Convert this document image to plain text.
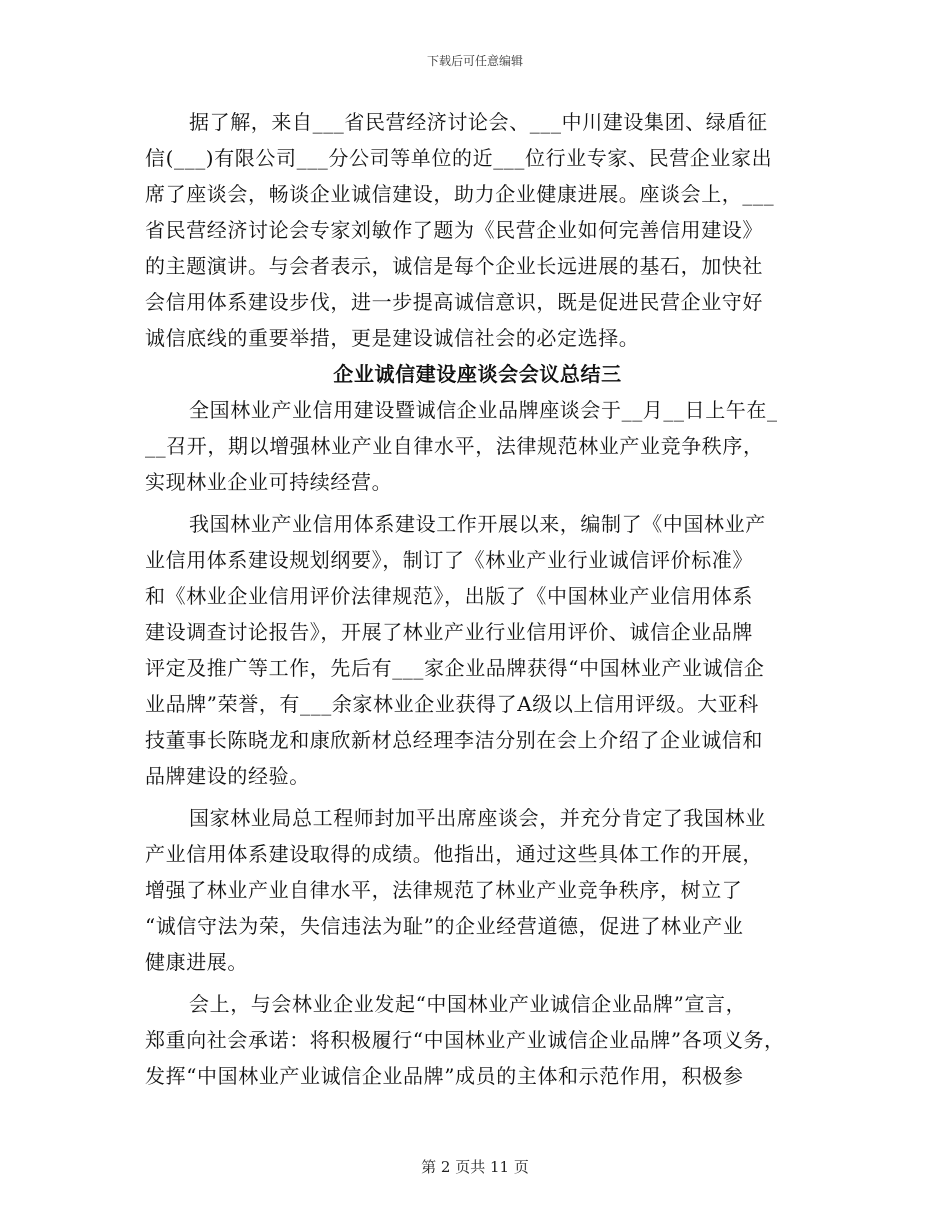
下载后可任意编辑
据了解，来自___省民营经济讨论会、___中川建设集团、绿盾征
信(___)有限公司___分公司等单位的近___位行业专家、民营企业家出
席了座谈会，畅谈企业诚信建设，助力企业健康进展。座谈会上，___
省民营经济讨论会专家刘敏作了题为《民营企业如何完善信用建设》
的主题演讲。与会者表示，诚信是每个企业长远进展的基石，加快社
会信用体系建设步伐，进一步提高诚信意识，既是促进民营企业守好
诚信底线的重要举措，更是建设诚信社会的必定选择。
企业诚信建设座谈会会议总结三
全国林业产业信用建设暨诚信企业品牌座谈会于__月__日上午在_
__召开，期以增强林业产业自律水平，法律规范林业产业竞争秩序，
实现林业企业可持续经营。
我国林业产业信用体系建设工作开展以来，编制了《中国林业产
业信用体系建设规划纲要》，制订了《林业产业行业诚信评价标准》
和《林业企业信用评价法律规范》，出版了《中国林业产业信用体系
建设调查讨论报告》，开展了林业产业行业信用评价、诚信企业品牌
评定及推广等工作，先后有___家企业品牌获得“中国林业产业诚信企
业品牌”荣誉，有___余家林业企业获得了A级以上信用评级。大亚科
技董事长陈晓龙和康欣新材总经理李洁分别在会上介绍了企业诚信和
品牌建设的经验。
国家林业局总工程师封加平出席座谈会，并充分肯定了我国林业
产业信用体系建设取得的成绩。他指出，通过这些具体工作的开展，
增强了林业产业自律水平，法律规范了林业产业竞争秩序，树立了
“诚信守法为荣，失信违法为耻”的企业经营道德，促进了林业产业
健康进展。
会上，与会林业企业发起“中国林业产业诚信企业品牌”宣言，
郑重向社会承诺：将积极履行“中国林业产业诚信企业品牌”各项义务，
发挥“中国林业产业诚信企业品牌”成员的主体和示范作用，积极参
第 2 页共 11 页
